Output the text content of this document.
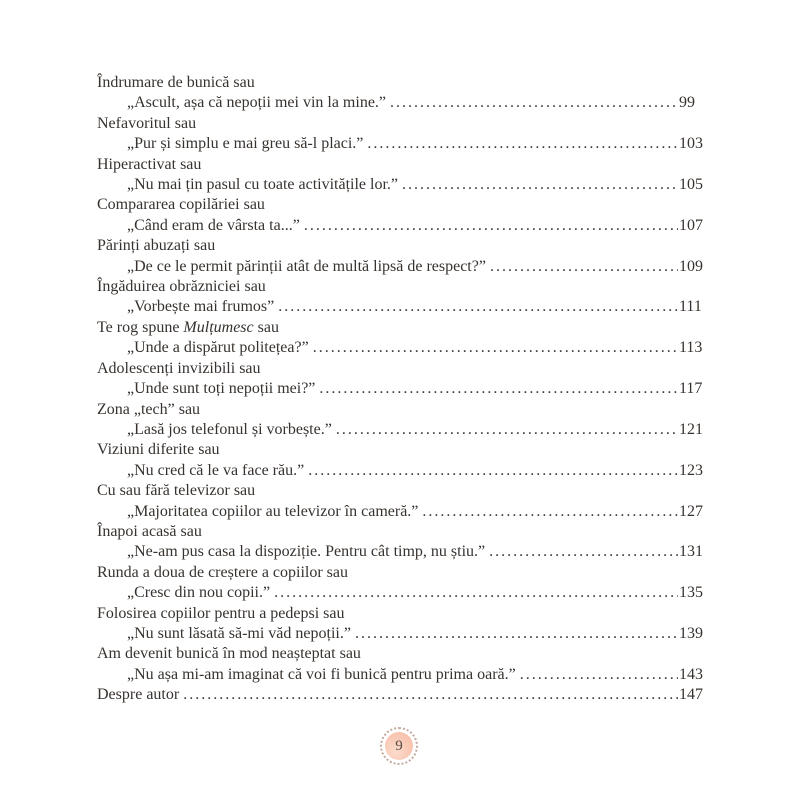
Îndrumare de bunică sau
„Ascult, așa că nepoții mei vin la mine.” .....	99
Nefavoritul sau
„Pur și simplu e mai greu să-l placi.” .....	103
Hiperactivat sau
„Nu mai țin pasul cu toate activitățile lor.” .....	105
Compararea copilăriei sau
„Când eram de vârsta ta...” .....	107
Părinți abuzați sau
„De ce le permit părinții atât de multă lipsă de respect?” .....	109
Îngăduirea obrăzniciei sau
„Vorbește mai frumos” .....	111
Te rog spune Mulțumesc sau
„Unde a dispărut politețea?” .....	113
Adolescenți invizibili sau
„Unde sunt toți nepoții mei?” .....	117
Zona „tech” sau
„Lasă jos telefonul și vorbește.” .....	121
Viziuni diferite sau
„Nu cred că le va face rău.” .....	123
Cu sau fără televizor sau
„Majoritatea copiilor au televizor în cameră.” .....	127
Înapoi acasă sau
„Ne-am pus casa la dispoziție. Pentru cât timp, nu știu.” .....	131
Runda a doua de creștere a copiilor sau
„Cresc din nou copii.” .....	135
Folosirea copiilor pentru a pedepsi sau
„Nu sunt lăsată să-mi văd nepoții.” .....	139
Am devenit bunică în mod neașteptat sau
„Nu așa mi-am imaginat că voi fi bunică pentru prima oară.” .....	143
Despre autor .....	147
9
